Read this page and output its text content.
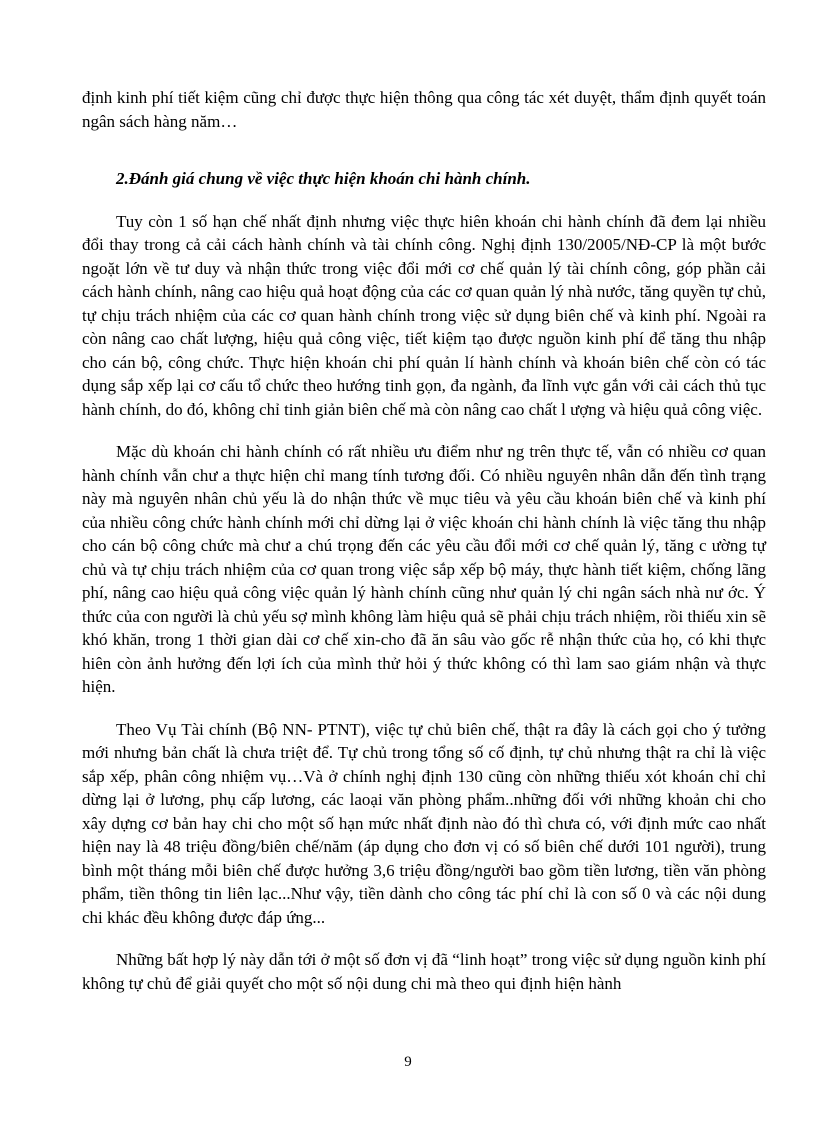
định kinh phí tiết kiệm cũng chỉ được thực hiện thông qua công tác xét duyệt, thẩm định quyết toán ngân sách hàng năm…

2.Đánh giá chung về việc thực hiện khoán chi hành chính.

Tuy còn 1 số hạn chế nhất định nhưng việc thực hiên khoán chi hành chính đã đem lại nhiều đổi thay trong cả cải cách hành chính và tài chính công. Nghị định 130/2005/NĐ-CP là một bước ngoặt lớn về tư duy và nhận thức trong việc đổi mới cơ chế quản lý tài chính công, góp phần cải cách hành chính, nâng cao hiệu quả hoạt động của các cơ quan quản lý nhà nước, tăng quyền tự chủ, tự chịu trách nhiệm của các cơ quan hành chính trong việc sử dụng biên chế và kinh phí. Ngoài ra còn nâng cao chất lượng, hiệu quả công việc, tiết kiệm tạo được nguồn kinh phí để tăng thu nhập cho cán bộ, công chức. Thực hiện khoán chi phí quản lí hành chính và khoán biên chế còn có tác dụng sắp xếp lại cơ cấu tổ chức theo hướng tinh gọn, đa ngành, đa lĩnh vực gắn với cải cách thủ tục hành chính, do đó, không chỉ tinh giản biên chế mà còn nâng cao chất l ượng và hiệu quả công việc.

Mặc dù khoán chi hành chính có rất nhiều ưu điểm như ng trên thực tế, vẫn có nhiều cơ quan hành chính vẫn chư a thực hiện chỉ mang tính tương đối. Có nhiều nguyên nhân dẫn đến tình trạng này mà nguyên nhân chủ yếu là do nhận thức về mục tiêu và yêu cầu khoán biên chế và kinh phí của nhiều công chức hành chính mới chỉ dừng lại ở việc khoán chi hành chính là việc tăng thu nhập cho cán bộ công chức mà chư a chú trọng đến các yêu cầu đổi mới cơ chế quản lý, tăng c ường tự chủ và tự chịu trách nhiệm của cơ quan trong việc sắp xếp bộ máy, thực hành tiết kiệm, chống lãng phí, nâng cao hiệu quả công việc quản lý hành chính cũng như quản lý chi ngân sách nhà nư ớc. Ý thức của con người là chủ yếu sợ mình không làm hiệu quả sẽ phải chịu trách nhiệm, rồi thiếu xin sẽ khó khăn, trong 1 thời gian dài cơ chế xin-cho đã ăn sâu vào gốc rễ nhận thức của họ, có khi thực hiên còn ảnh hưởng đến lợi ích của mình thử hỏi ý thức không có thì lam sao giám nhận và thực hiện.

Theo Vụ Tài chính (Bộ NN- PTNT), việc tự chủ biên chế, thật ra đây là cách gọi cho ý tưởng mới nhưng bản chất là chưa triệt để. Tự chủ trong tổng số cố định, tự chủ nhưng thật ra chỉ là việc sắp xếp, phân công nhiệm vụ…Và ở chính nghị định 130 cũng còn những thiếu xót khoán chỉ chỉ dừng lại ở lương, phụ cấp lương, các laoại văn phòng phẩm..những đối với những khoản chi cho xây dựng cơ bản hay chi cho một số hạn mức nhất định nào đó thì chưa có, với định mức cao nhất hiện nay là 48 triệu đồng/biên chế/năm (áp dụng cho đơn vị có số biên chế dưới 101 người), trung bình một tháng mỗi biên chế được hưởng 3,6 triệu đồng/người bao gồm tiền lương, tiền văn phòng phẩm, tiền thông tin liên lạc...Như vậy, tiền dành cho công tác phí chỉ là con số 0 và các nội dung chi khác đều không được đáp ứng...

Những bất hợp lý này dẫn tới ở một số đơn vị đã “linh hoạt” trong việc sử dụng nguồn kinh phí không tự chủ để giải quyết cho một số nội dung chi mà theo qui định hiện hành

9
